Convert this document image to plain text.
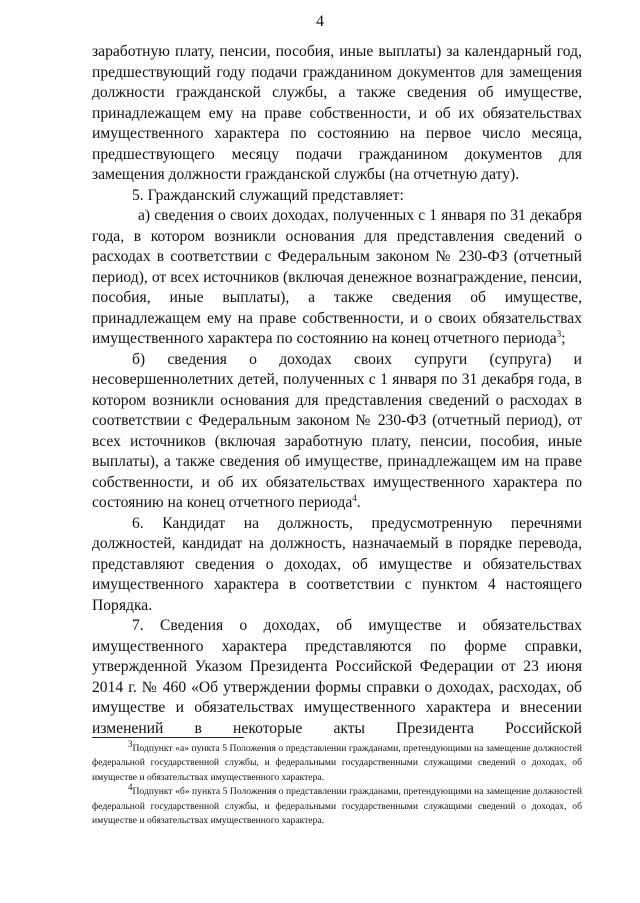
4

заработную плату, пенсии, пособия, иные выплаты) за календарный год, предшествующий году подачи гражданином документов для замещения должности гражданской службы, а также сведения об имуществе, принадлежащем ему на праве собственности, и об их обязательствах имущественного характера по состоянию на первое число месяца, предшествующего месяцу подачи гражданином документов для замещения должности гражданской службы (на отчетную дату).

5. Гражданский служащий представляет:

а) сведения о своих доходах, полученных с 1 января по 31 декабря года, в котором возникли основания для представления сведений о расходах в соответствии с Федеральным законом № 230-ФЗ (отчетный период), от всех источников (включая денежное вознаграждение, пенсии, пособия, иные выплаты), а также сведения об имуществе, принадлежащем ему на праве собственности, и о своих обязательствах имущественного характера по состоянию на конец отчетного периода$^3$;

б) сведения о доходах своих супруги (супруга) и несовершеннолетних детей, полученных с 1 января по 31 декабря года, в котором возникли основания для представления сведений о расходах в соответствии с Федеральным законом № 230-ФЗ (отчетный период), от всех источников (включая заработную плату, пенсии, пособия, иные выплаты), а также сведения об имуществе, принадлежащем им на праве собственности, и об их обязательствах имущественного характера по состоянию на конец отчетного периода$^4$.

6. Кандидат на должность, предусмотренную перечнями должностей, кандидат на должность, назначаемый в порядке перевода, представляют сведения о доходах, об имуществе и обязательствах имущественного характера в соответствии с пунктом 4 настоящего Порядка.

7. Сведения о доходах, об имуществе и обязательствах имущественного характера представляются по форме справки, утвержденной Указом Президента Российской Федерации от 23 июня 2014 г. № 460 «Об утверждении формы справки о доходах, расходах, об имуществе и обязательствах имущественного характера и внесении изменений в некоторые акты Президента Российской

$^3$Подпункт «а» пункта 5 Положения о представлении гражданами, претендующими на замещение должностей федеральной государственной службы, и федеральными государственными служащими сведений о доходах, об имуществе и обязательствах имущественного характера.

$^4$Подпункт «б» пункта 5 Положения о представлении гражданами, претендующими на замещение должностей федеральной государственной службы, и федеральными государственными служащими сведений о доходах, об имуществе и обязательствах имущественного характера.
